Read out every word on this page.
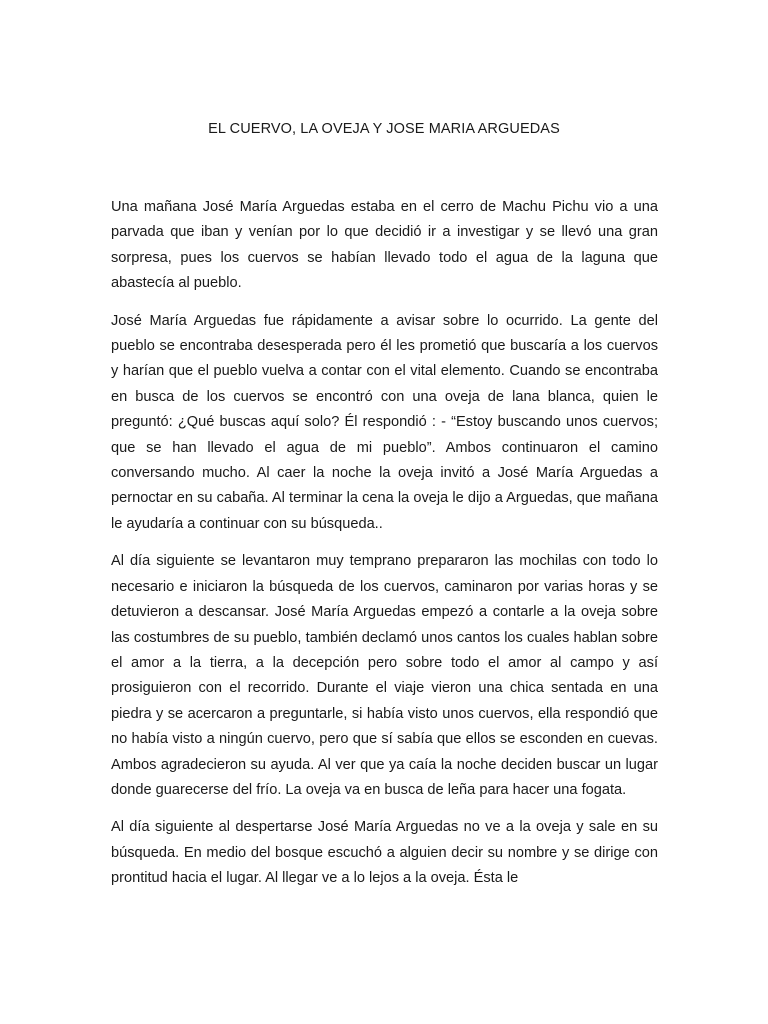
EL CUERVO, LA OVEJA Y JOSE MARIA ARGUEDAS

Una mañana José María Arguedas estaba en el cerro de Machu Pichu vio a una parvada que iban y venían por lo que decidió ir a investigar y se llevó una gran sorpresa, pues los cuervos se habían llevado todo el agua de la laguna que abastecía al pueblo.

José María Arguedas fue rápidamente a avisar sobre lo ocurrido. La gente del pueblo se encontraba desesperada pero él les prometió que buscaría a los cuervos y harían que el pueblo vuelva a contar con el vital elemento. Cuando se encontraba en busca de los cuervos se encontró con una oveja de lana blanca, quien le preguntó: ¿Qué buscas aquí solo? Él respondió : - “Estoy buscando unos cuervos; que se han llevado el agua de mi pueblo”. Ambos continuaron el camino conversando mucho. Al caer la noche la oveja invitó a José María Arguedas a pernoctar en su cabaña. Al terminar la cena la oveja le dijo a Arguedas, que mañana le ayudaría a continuar con su búsqueda..

Al día siguiente se levantaron muy temprano prepararon las mochilas con todo lo necesario e iniciaron la búsqueda de los cuervos, caminaron por varias horas y se detuvieron a descansar. José María Arguedas empezó a contarle a la oveja sobre las costumbres de su pueblo, también declamó unos cantos los cuales hablan sobre el amor a la tierra, a la decepción pero sobre todo el amor al campo y así prosiguieron con el recorrido. Durante el viaje vieron una chica sentada en una piedra y se acercaron a preguntarle, si había visto unos cuervos, ella respondió que no había visto a ningún cuervo, pero que sí sabía que ellos se esconden en cuevas. Ambos agradecieron su ayuda. Al ver que ya caía la noche deciden buscar un lugar donde guarecerse del frío. La oveja va en busca de leña para hacer una fogata.

Al día siguiente al despertarse José María Arguedas no ve a la oveja y sale en su búsqueda. En medio del bosque escuchó a alguien decir su nombre y se dirige con prontitud hacia el lugar. Al llegar ve a lo lejos a la oveja. Ésta le
